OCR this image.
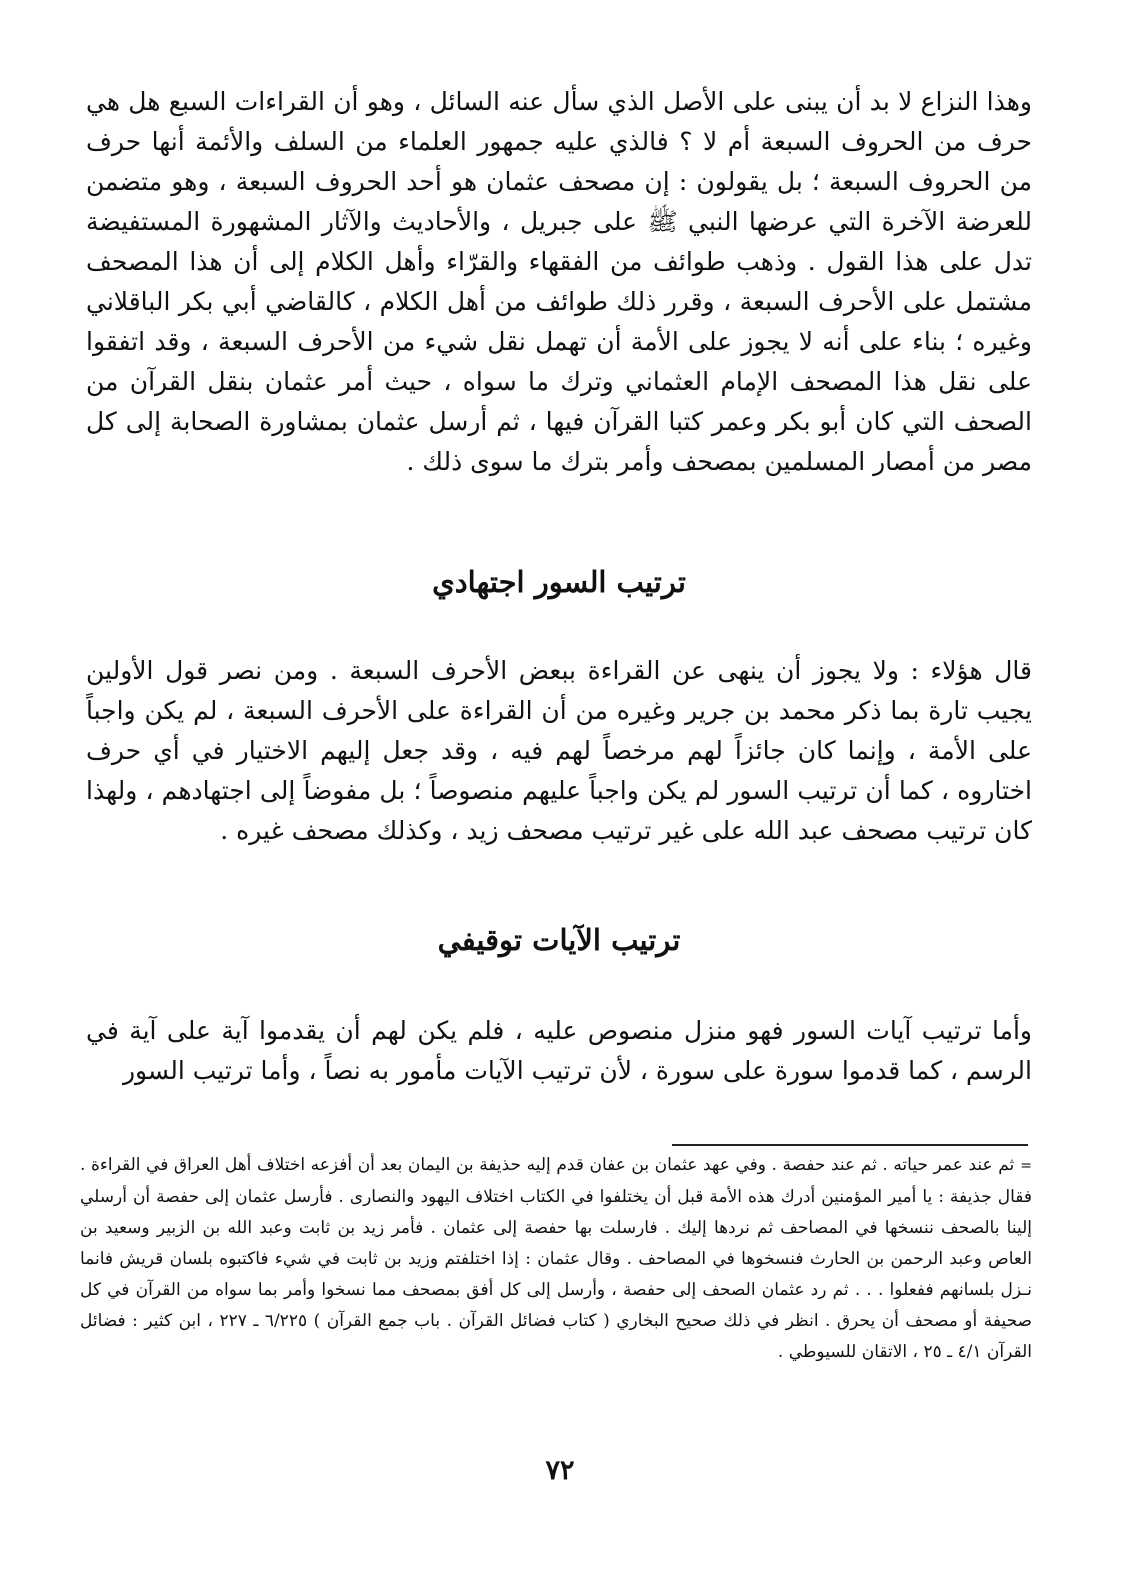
وهذا النزاع لا بد أن يبنى على الأصل الذي سأل عنه السائل ، وهو أن القراءات السبع هل هي حرف من الحروف السبعة أم لا ؟ فالذي عليه جمهور العلماء من السلف والأئمة أنها حرف من الحروف السبعة ؛ بل يقولون : إن مصحف عثمان هو أحد الحروف السبعة ، وهو متضمن للعرضة الآخرة التي عرضها النبي ﷺ على جبريل ، والأحاديث والآثار المشهورة المستفيضة تدل على هذا القول . وذهب طوائف من الفقهاء والقرّاء وأهل الكلام إلى أن هذا المصحف مشتمل على الأحرف السبعة ، وقرر ذلك طوائف من أهل الكلام ، كالقاضي أبي بكر الباقلاني وغيره ؛ بناء على أنه لا يجوز على الأمة أن تهمل نقل شيء من الأحرف السبعة ، وقد اتفقوا على نقل هذا المصحف الإمام العثماني وترك ما سواه ، حيث أمر عثمان بنقل القرآن من الصحف التي كان أبو بكر وعمر كتبا القرآن فيها ، ثم أرسل عثمان بمشاورة الصحابة إلى كل مصر من أمصار المسلمين بمصحف وأمر بترك ما سوى ذلك .

ترتيب السور اجتهادي

قال هؤلاء : ولا يجوز أن ينهى عن القراءة ببعض الأحرف السبعة . ومن نصر قول الأولين يجيب تارة بما ذكر محمد بن جرير وغيره من أن القراءة على الأحرف السبعة ، لم يكن واجباً على الأمة ، وإنما كان جائزاً لهم مرخصاً لهم فيه ، وقد جعل إليهم الاختيار في أي حرف اختاروه ، كما أن ترتيب السور لم يكن واجباً عليهم منصوصاً ؛ بل مفوضاً إلى اجتهادهم ، ولهذا كان ترتيب مصحف عبد الله على غير ترتيب مصحف زيد ، وكذلك مصحف غيره .

ترتيب الآيات توقيفي

وأما ترتيب آيات السور فهو منزل منصوص عليه ، فلم يكن لهم أن يقدموا آية على آية في الرسم ، كما قدموا سورة على سورة ، لأن ترتيب الآيات مأمور به نصاً ، وأما ترتيب السور

=ثم عند عمر حياته . ثم عند حفصة . وفي عهد عثمان بن عفان قدم إليه حذيفة بن اليمان بعد أن أفزعه اختلاف أهل العراق في القراءة . فقال جذيفة : يا أمير المؤمنين أدرك هذه الأمة قبل أن يختلفوا في الكتاب اختلاف اليهود والنصارى . فأرسل عثمان إلى حفصة أن أرسلي إلينا بالصحف ننسخها في المصاحف ثم نردها إليك . فارسلت بها حفصة إلى عثمان . فأمر زيد بن ثابت وعبد الله بن الزبير وسعيد بن العاص وعبد الرحمن بن الحارث فنسخوها في المصاحف . وقال عثمان : إذا اختلفتم وزيد بن ثابت في شيء فاكتبوه بلسان قريش فانما نـزل بلسانهم ففعلوا . . . ثم رد عثمان الصحف إلى حفصة ، وأرسل إلى كل أفق بمصحف مما نسخوا وأمر بما سواه من القرآن في كل صحيفة أو مصحف أن يحرق . انظر في ذلك صحيح البخاري ( كتاب فضائل القرآن . باب جمع القرآن ) ٦/٢٢٥ ـ ٢٢٧ ، ابن كثير : فضائل القرآن ٤/١ ـ ٢٥ ، الاتقان للسيوطي .

٧٢
